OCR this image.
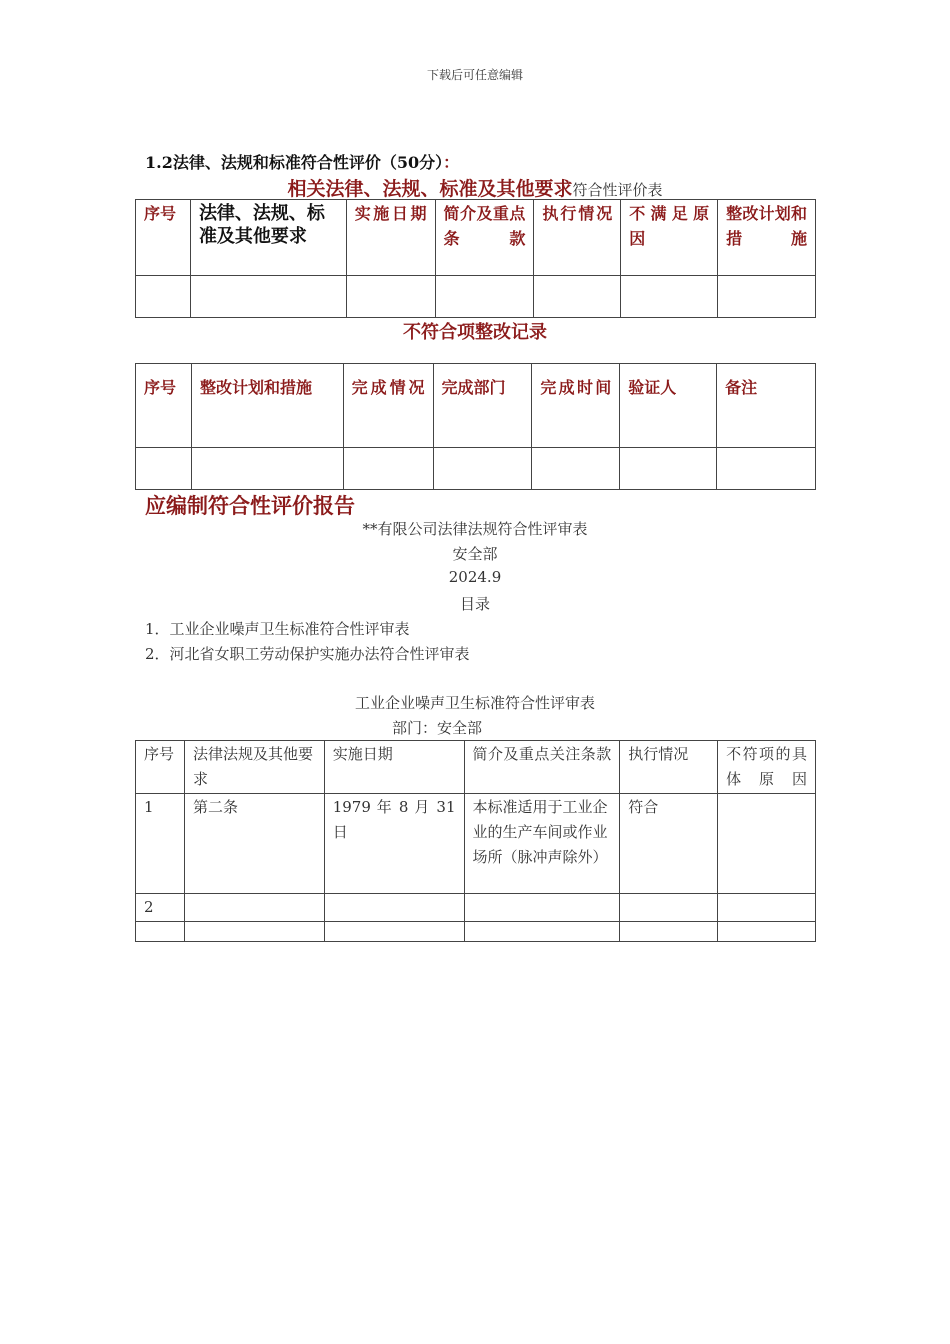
下载后可任意编辑
1.2法律、法规和标准符合性评价（50分）：
相关法律、法规、标准及其他要求符合性评价表
序号	法律、法规、标准及其他要求	实施日期	简介及重点条款	执行情况	不满足原因	整改计划和措施

不符合项整改记录
序号	整改计划和措施	完成情况	完成部门	完成时间	验证人	备注

应编制符合性评价报告
**有限公司法律法规符合性评审表
安全部
2024.9
目录
1．工业企业噪声卫生标准符合性评审表
2．河北省女职工劳动保护实施办法符合性评审表
工业企业噪声卫生标准符合性评审表
部门：安全部
序号	法律法规及其他要求	实施日期	简介及重点关注条款	执行情况	不符项的具体原因
1	第二条	1979 年 8 月 31 日	本标准适用于工业企业的生产车间或作业场所（脉冲声除外）	符合	
2					
